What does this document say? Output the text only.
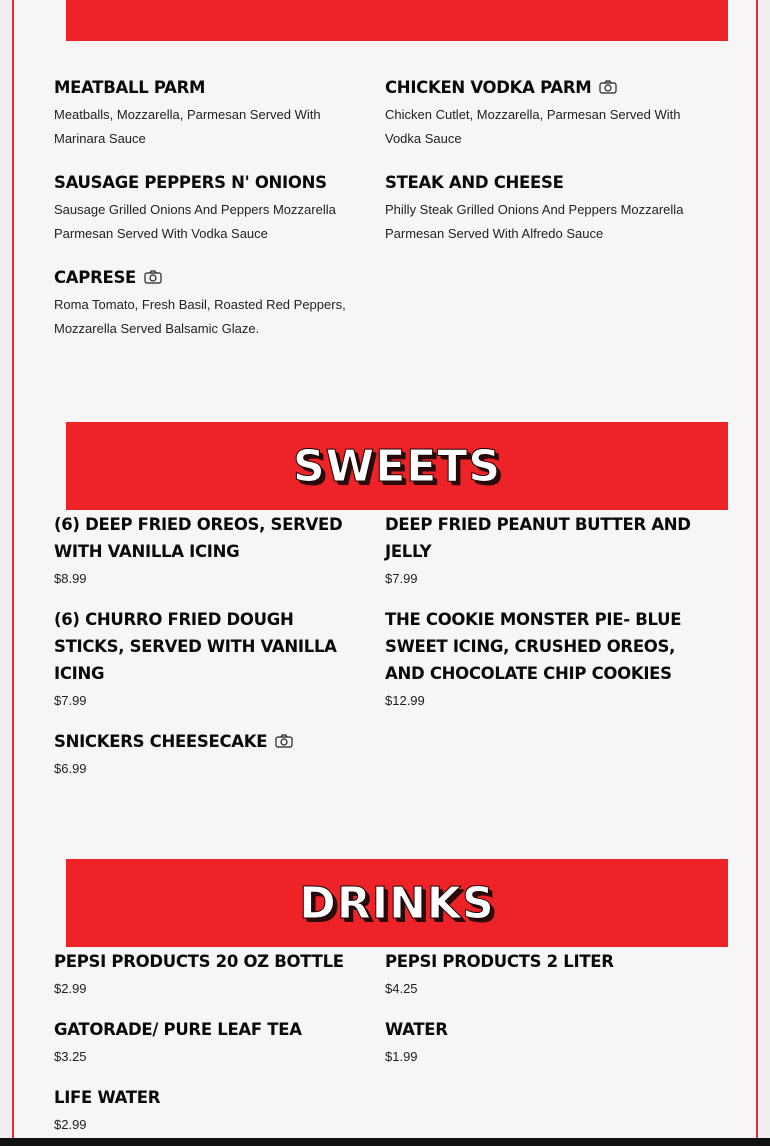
MEATBALL PARM
Meatballs, Mozzarella, Parmesan Served With Marinara Sauce
CHICKEN VODKA PARM
Chicken Cutlet, Mozzarella, Parmesan Served With Vodka Sauce
SAUSAGE PEPPERS N' ONIONS
Sausage Grilled Onions And Peppers Mozzarella Parmesan Served With Vodka Sauce
STEAK AND CHEESE
Philly Steak Grilled Onions And Peppers Mozzarella Parmesan Served With Alfredo Sauce
CAPRESE
Roma Tomato, Fresh Basil, Roasted Red Peppers, Mozzarella Served Balsamic Glaze.
SWEETS
(6) DEEP FRIED OREOS, SERVED WITH VANILLA ICING
$8.99
DEEP FRIED PEANUT BUTTER AND JELLY
$7.99
(6) CHURRO FRIED DOUGH STICKS, SERVED WITH VANILLA ICING
$7.99
THE COOKIE MONSTER PIE- BLUE SWEET ICING, CRUSHED OREOS, AND CHOCOLATE CHIP COOKIES
$12.99
SNICKERS CHEESECAKE
$6.99
DRINKS
PEPSI PRODUCTS 20 OZ BOTTLE
$2.99
PEPSI PRODUCTS 2 LITER
$4.25
GATORADE/ PURE LEAF TEA
$3.25
WATER
$1.99
LIFE WATER
$2.99
